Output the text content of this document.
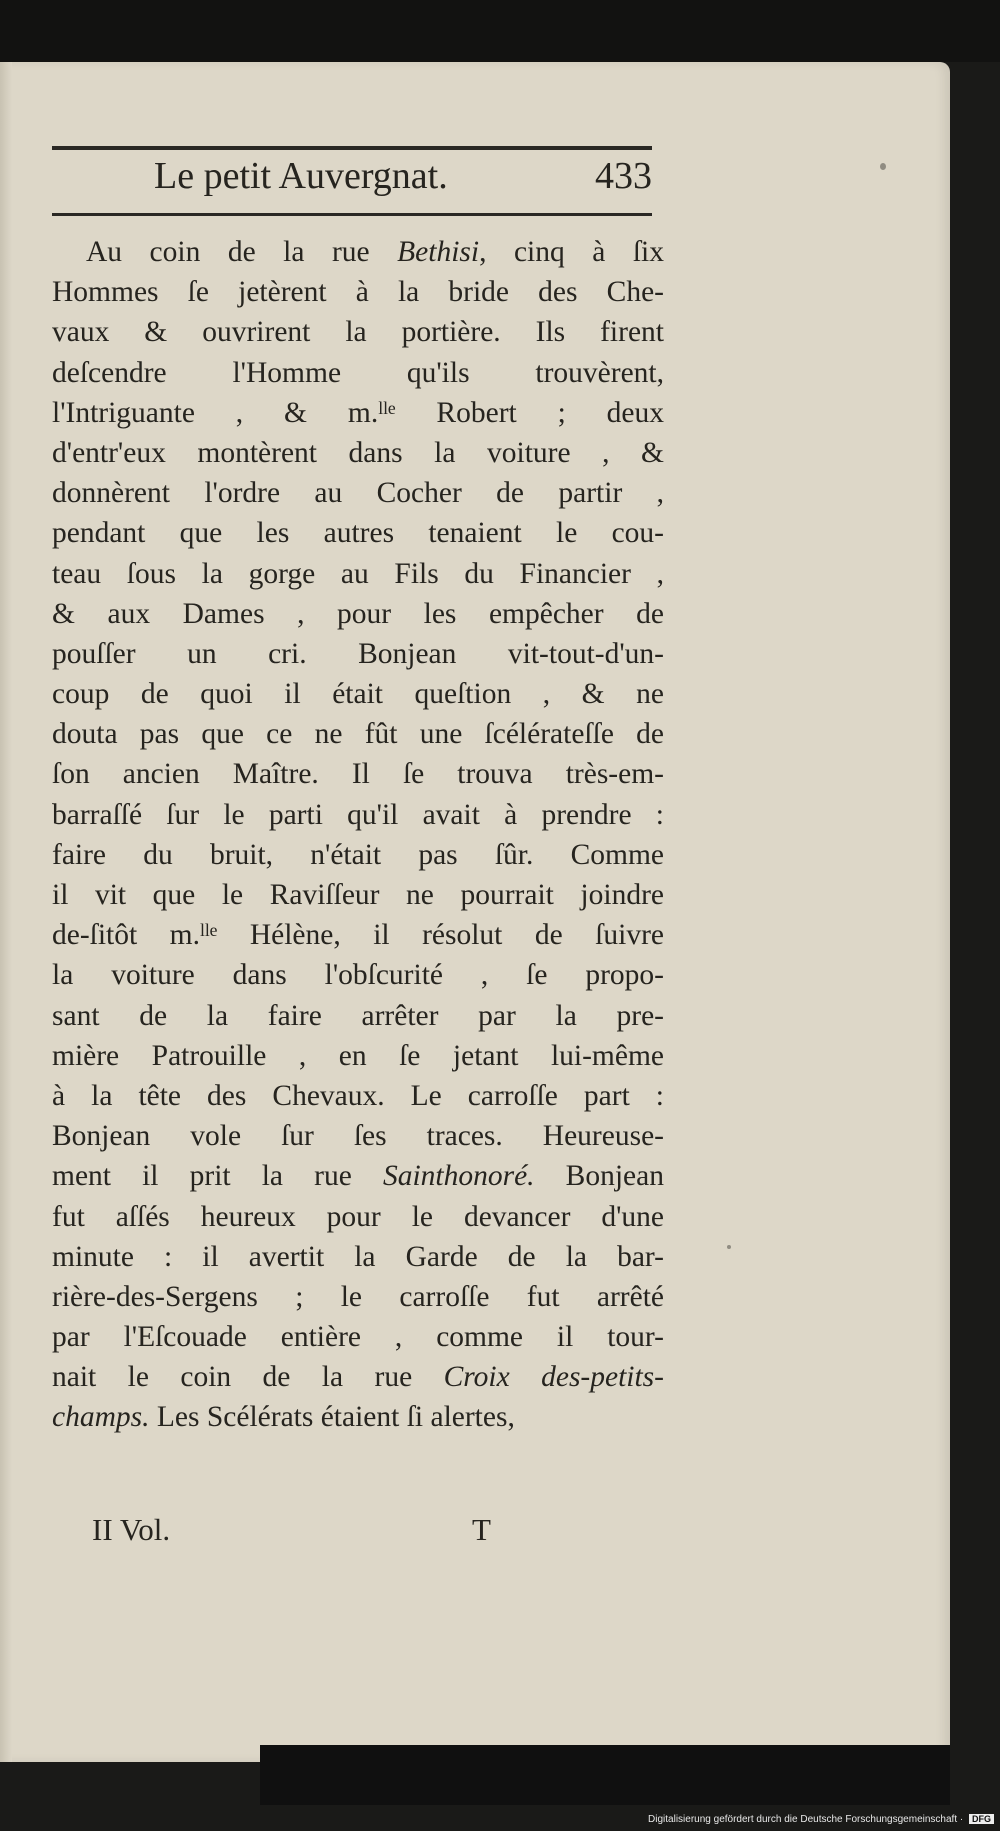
Le petit Auvergnat.	433
Au coin de la rue Bethisi, cinq à ſix
Hommes ſe jetèrent à la bride des Che-
vaux & ouvrirent la portière. Ils firent
deſcendre l'Homme qu'ils trouvèrent,
l'Intriguante , & m.ˡˡᵉ Robert ; deux
d'entr'eux montèrent dans la voiture , &
donnèrent l'ordre au Cocher de partir ,
pendant que les autres tenaient le cou-
teau ſous la gorge au Fils du Financier ,
& aux Dames , pour les empêcher de
pouſſer un cri. Bonjean vit-tout-d'un-
coup de quoi il était queſtion , & ne
douta pas que ce ne fût une ſcélérateſſe de
ſon ancien Maître. Il ſe trouva très-em-
barraſſé ſur le parti qu'il avait à prendre :
faire du bruit, n'était pas ſûr. Comme
il vit que le Raviſſeur ne pourrait joindre
de-ſitôt m.ˡˡᵉ Hélène, il résolut de ſuivre
la voiture dans l'obſcurité , ſe propo-
sant de la faire arrêter par la pre-
mière Patrouille , en ſe jetant lui-même
à la tête des Chevaux. Le carroſſe part :
Bonjean vole ſur ſes traces. Heureuse-
ment il prit la rue Sainthonoré. Bonjean
fut aſſés heureux pour le devancer d'une
minute : il avertit la Garde de la bar-
rière-des-Sergens ; le carroſſe fut arrêté
par l'Eſcouade entière , comme il tour-
nait le coin de la rue Croix des-petits-
champs. Les Scélérats étaient ſi alertes,
II Vol.	T
Digitalisierung gefördert durch die Deutsche Forschungsgemeinschaft · DFG
